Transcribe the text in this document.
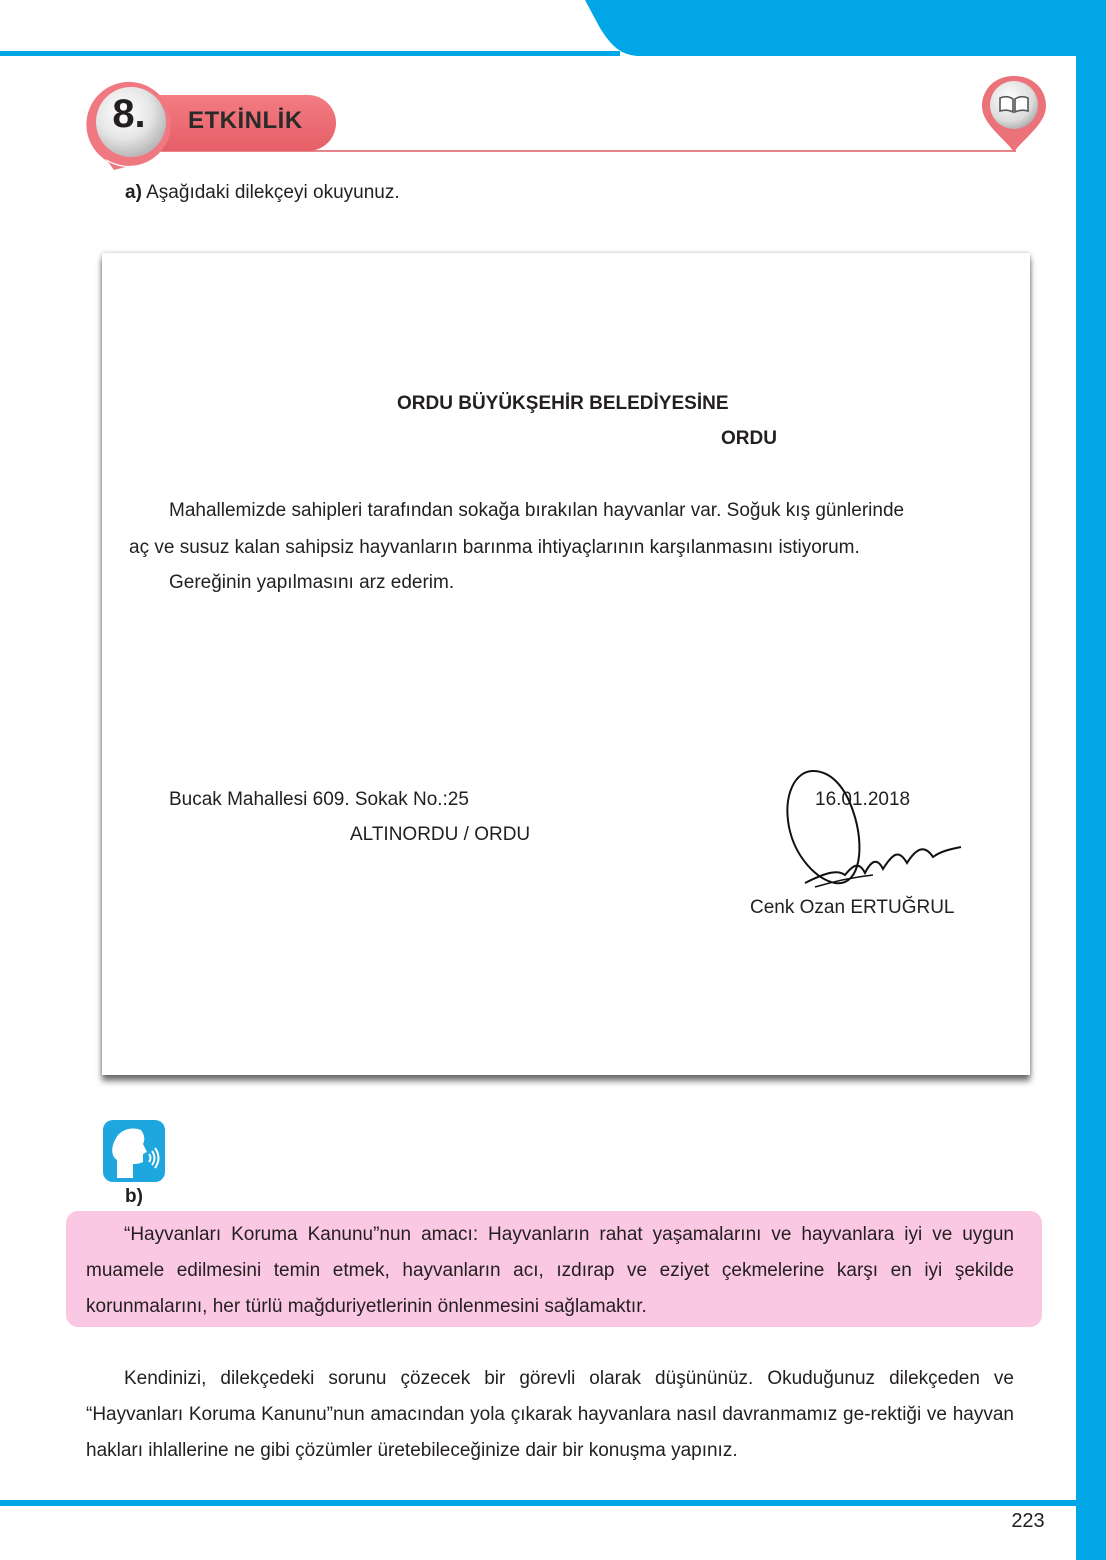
ETKİNLİK
8.
a) Aşağıdaki dilekçeyi okuyunuz.
ORDU BÜYÜKŞEHİR BELEDİYESİNE
ORDU
Mahallemizde sahipleri tarafından sokağa bırakılan hayvanlar var. Soğuk kış günlerinde
aç ve susuz kalan sahipsiz hayvanların barınma ihtiyaçlarının karşılanmasını istiyorum.
Gereğinin yapılmasını arz ederim.
Bucak Mahallesi 609. Sokak No.:25
ALTINORDU / ORDU
16.01.2018
Cenk Ozan ERTUĞRUL
b)
“Hayvanları Koruma Kanunu”nun amacı: Hayvanların rahat yaşamalarını ve hayvanlara iyi ve uygun muamele edilmesini temin etmek, hayvanların acı, ızdırap ve eziyet çekmelerine karşı en iyi şekilde korunmalarını, her türlü mağduriyetlerinin önlenmesini sağlamaktır.
Kendinizi, dilekçedeki sorunu çözecek bir görevli olarak düşününüz. Okuduğunuz dilekçeden ve “Hayvanları Koruma Kanunu”nun amacından yola çıkarak hayvanlara nasıl davranmamız ge-rektiği ve hayvan hakları ihlallerine ne gibi çözümler üretebileceğinize dair bir konuşma yapınız.
223
